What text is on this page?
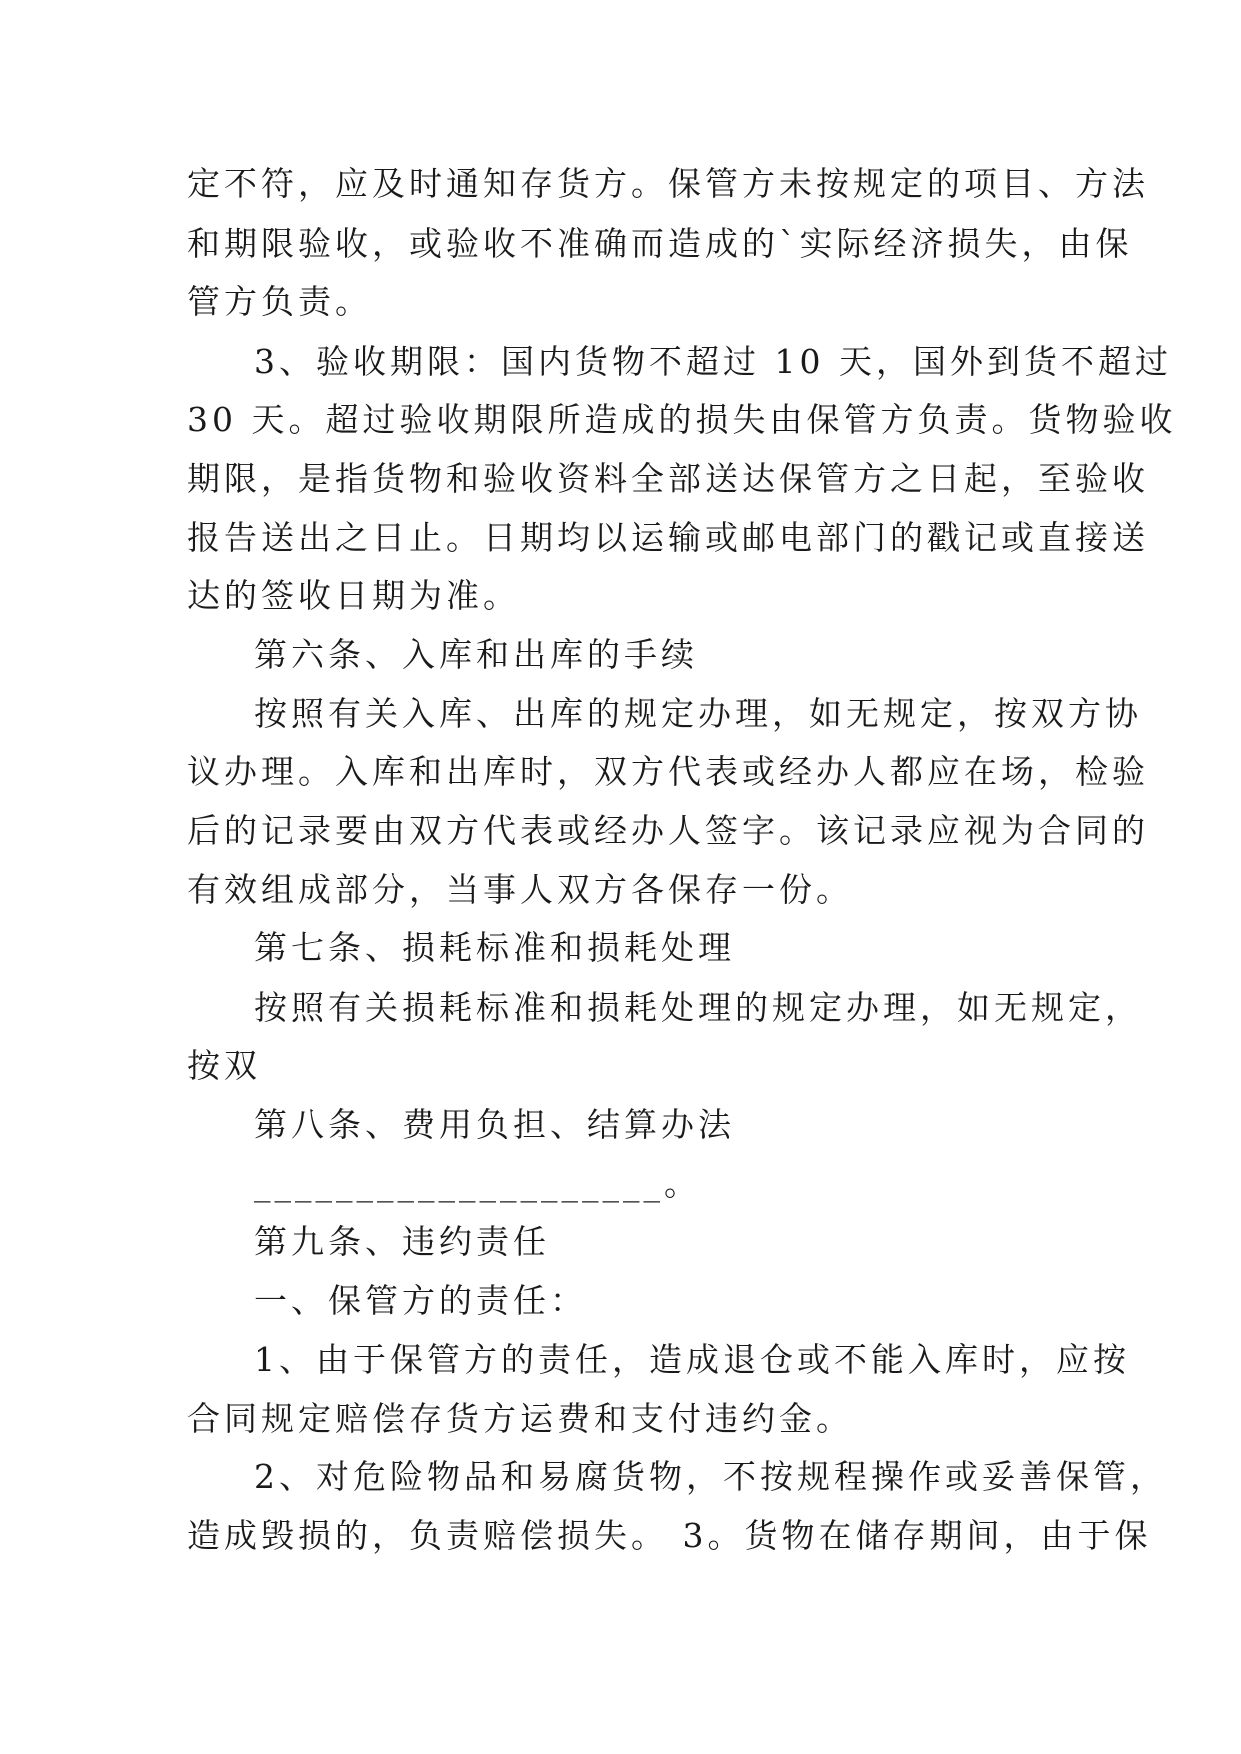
定不符，应及时通知存货方。保管方未按规定的项目、方法
和期限验收，或验收不准确而造成的`实际经济损失，由保
管方负责。
3、验收期限：国内货物不超过 10 天，国外到货不超过
30 天。超过验收期限所造成的损失由保管方负责。货物验收
期限，是指货物和验收资料全部送达保管方之日起，至验收
报告送出之日止。日期均以运输或邮电部门的戳记或直接送
达的签收日期为准。
第六条、入库和出库的手续
按照有关入库、出库的规定办理，如无规定，按双方协
议办理。入库和出库时，双方代表或经办人都应在场，检验
后的记录要由双方代表或经办人签字。该记录应视为合同的
有效组成部分，当事人双方各保存一份。
第七条、损耗标准和损耗处理
按照有关损耗标准和损耗处理的规定办理，如无规定，
按双
第八条、费用负担、结算办法
____________________。
第九条、违约责任
一、保管方的责任：
1、由于保管方的责任，造成退仓或不能入库时，应按
合同规定赔偿存货方运费和支付违约金。
2、对危险物品和易腐货物，不按规程操作或妥善保管，
造成毁损的，负责赔偿损失。 3。货物在储存期间，由于保
